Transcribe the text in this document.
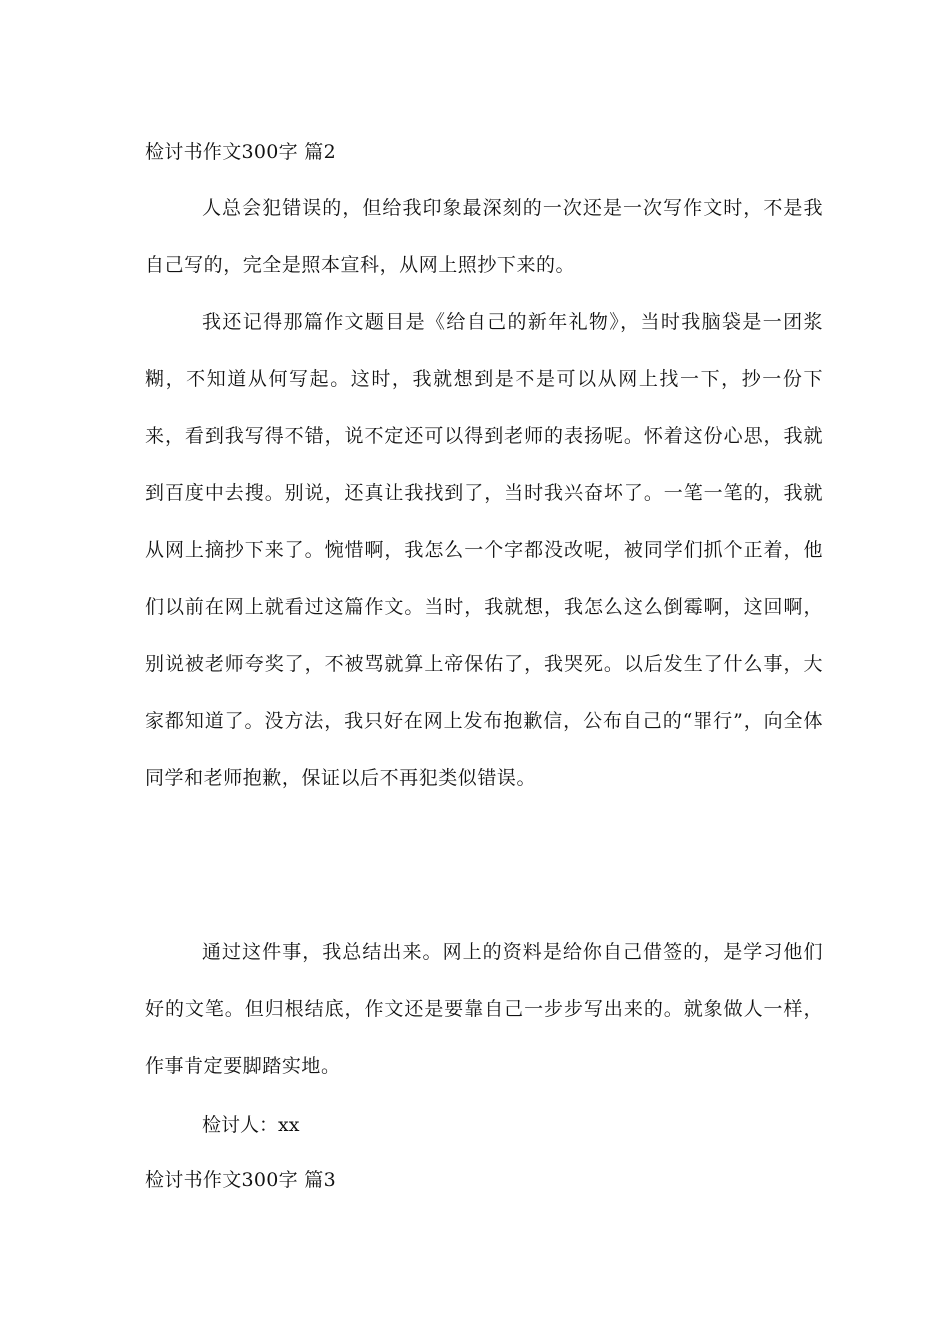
检讨书作文300字 篇2
人总会犯错误的，但给我印象最深刻的一次还是一次写作文时，不是我自己写的，完全是照本宣科，从网上照抄下来的。
我还记得那篇作文题目是《给自己的新年礼物》，当时我脑袋是一团浆糊，不知道从何写起。这时，我就想到是不是可以从网上找一下，抄一份下来，看到我写得不错，说不定还可以得到老师的表扬呢。怀着这份心思，我就到百度中去搜。别说，还真让我找到了，当时我兴奋坏了。一笔一笔的，我就从网上摘抄下来了。惋惜啊，我怎么一个字都没改呢，被同学们抓个正着，他们以前在网上就看过这篇作文。当时，我就想，我怎么这么倒霉啊，这回啊，别说被老师夸奖了，不被骂就算上帝保佑了，我哭死。以后发生了什么事，大家都知道了。没方法，我只好在网上发布抱歉信，公布自己的“罪行”，向全体同学和老师抱歉，保证以后不再犯类似错误。
通过这件事，我总结出来。网上的资料是给你自己借签的，是学习他们好的文笔。但归根结底，作文还是要靠自己一步步写出来的。就象做人一样，作事肯定要脚踏实地。
检讨人：xx
检讨书作文300字 篇3
